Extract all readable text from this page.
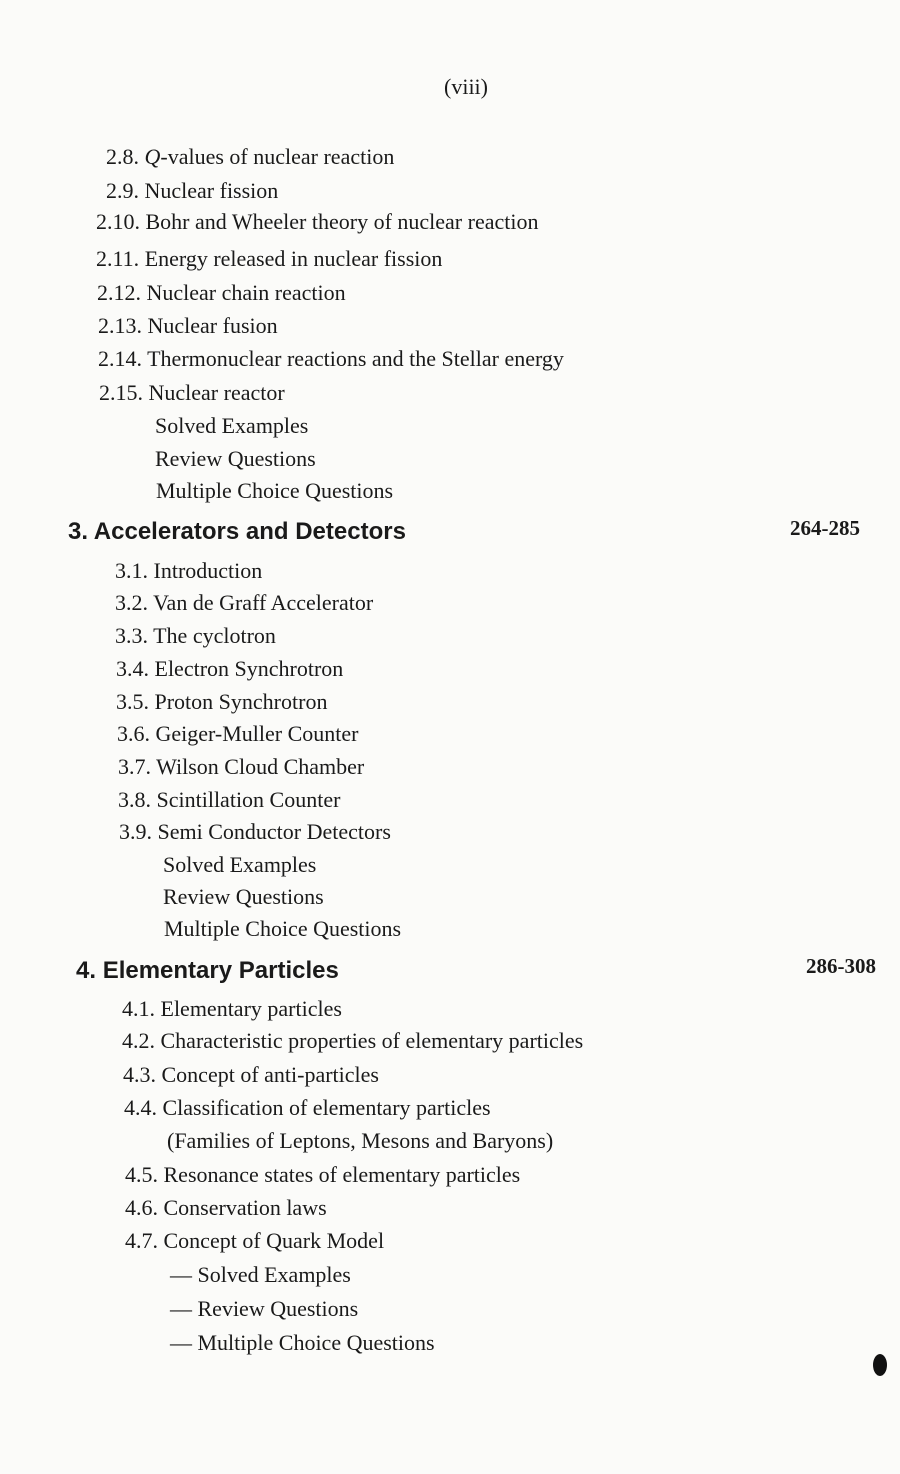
(viii)
2.8. Q-values of nuclear reaction
2.9. Nuclear fission
2.10. Bohr and Wheeler theory of nuclear reaction
2.11. Energy released in nuclear fission
2.12. Nuclear chain reaction
2.13. Nuclear fusion
2.14. Thermonuclear reactions and the Stellar energy
2.15. Nuclear reactor
Solved Examples
Review Questions
Multiple Choice Questions
3. Accelerators and Detectors	264-285
3.1. Introduction
3.2. Van de Graff Accelerator
3.3. The cyclotron
3.4. Electron Synchrotron
3.5. Proton Synchrotron
3.6. Geiger-Muller Counter
3.7. Wilson Cloud Chamber
3.8. Scintillation Counter
3.9. Semi Conductor Detectors
Solved Examples
Review Questions
Multiple Choice Questions
4. Elementary Particles	286-308
4.1. Elementary particles
4.2. Characteristic properties of elementary particles
4.3. Concept of anti-particles
4.4. Classification of elementary particles
(Families of Leptons, Mesons and Baryons)
4.5. Resonance states of elementary particles
4.6. Conservation laws
4.7. Concept of Quark Model
— Solved Examples
— Review Questions
— Multiple Choice Questions
